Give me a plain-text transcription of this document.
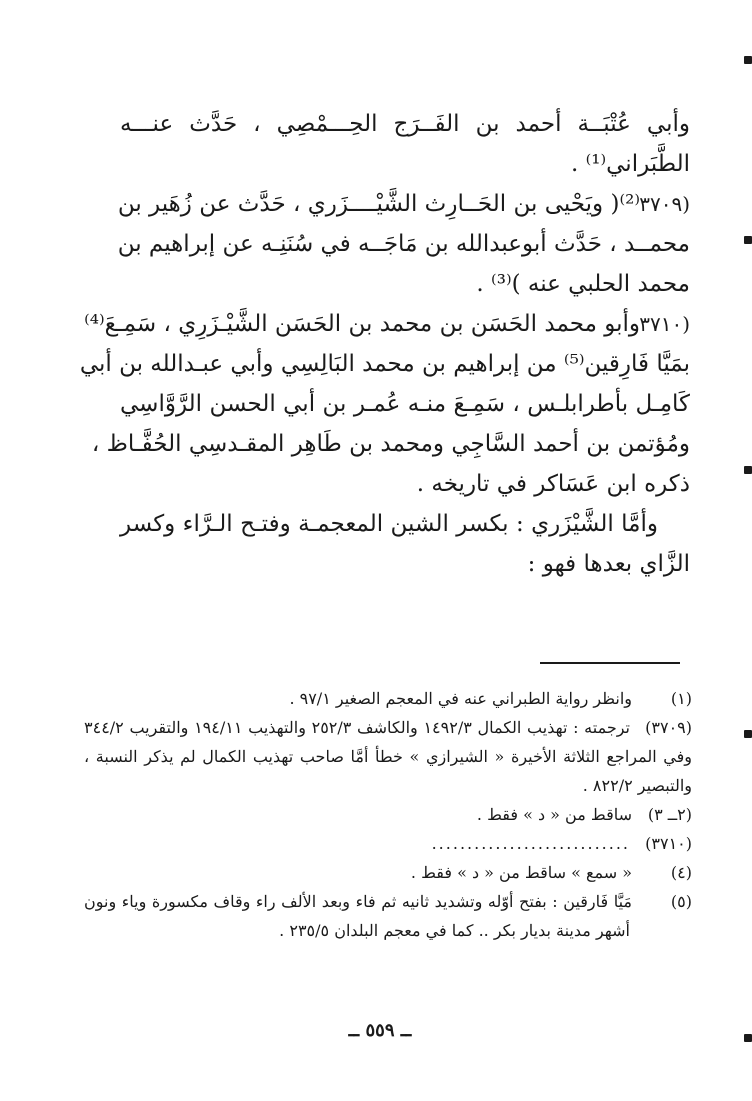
وأبي عُتْبَــة أحمد بن الفَــرَج الحِـــمْصِي ، حَدَّث عنـــه
الطَّبَراني⁽¹⁾ .
(٣٧٠٩
⁽²⁾( ويَحْيى بن الحَــارِث الشَّيْــــزَري ، حَدَّث عن زُهَير بن
محمــد ، حَدَّث أبوعبدالله بن مَاجَــه في سُنَنِـه عن إبراهيم بن
محمد الحلبي عنه )⁽³⁾ .
(٣٧١٠
وأبو محمد الحَسَن بن محمد بن الحَسَن الشَّيْـزَرِي ، سَمِـعَ⁽⁴⁾
بمَيَّا فَارِقين⁽⁵⁾ من إبراهيم بن محمد البَالِسِي وأبي عبـدالله بن أبي
كَامِـل بأطرابلـس ، سَمِـعَ منـه عُمـر بن أبي الحسن الرَّوَّاسِي
ومُؤتمن بن أحمد السَّاجِي ومحمد بن طَاهِر المقـدسِي الحُفَّـاظ ،
ذكره ابن عَسَاكر في تاريخه .
وأمَّا الشَّيْزَري : بكسر الشين المعجمـة وفتـح الـرَّاء وكسر
الزَّاي بعدها فهو :
(١)
وانظر رواية الطبراني عنه في المعجم الصغير ٩٧/١ .
(٣٧٠٩)
ترجمته : تهذيب الكمال ١٤٩٢/٣ والكاشف ٢٥٢/٣ والتهذيب ١٩٤/١١ والتقريب ٣٤٤/٢
وفي المراجع الثلاثة الأخيرة « الشيرازي » خطأ أمَّا صاحب تهذيب الكمال لم يذكر النسبة ،
والتبصير ٨٢٢/٢ .
(٢ــ ٣)
ساقط من « د » فقط .
(٣٧١٠)
............................
(٤)
« سمع » ساقط من « د » فقط .
(٥)
مَيَّا فَارقين : بفتح أوّله وتشديد ثانيه ثم فاء وبعد الألف راء وقاف مكسورة وياء ونون
أشهر مدينة بديار بكر .. كما في معجم البلدان ٢٣٥/٥ .
ــ ٥٥٩ ــ
